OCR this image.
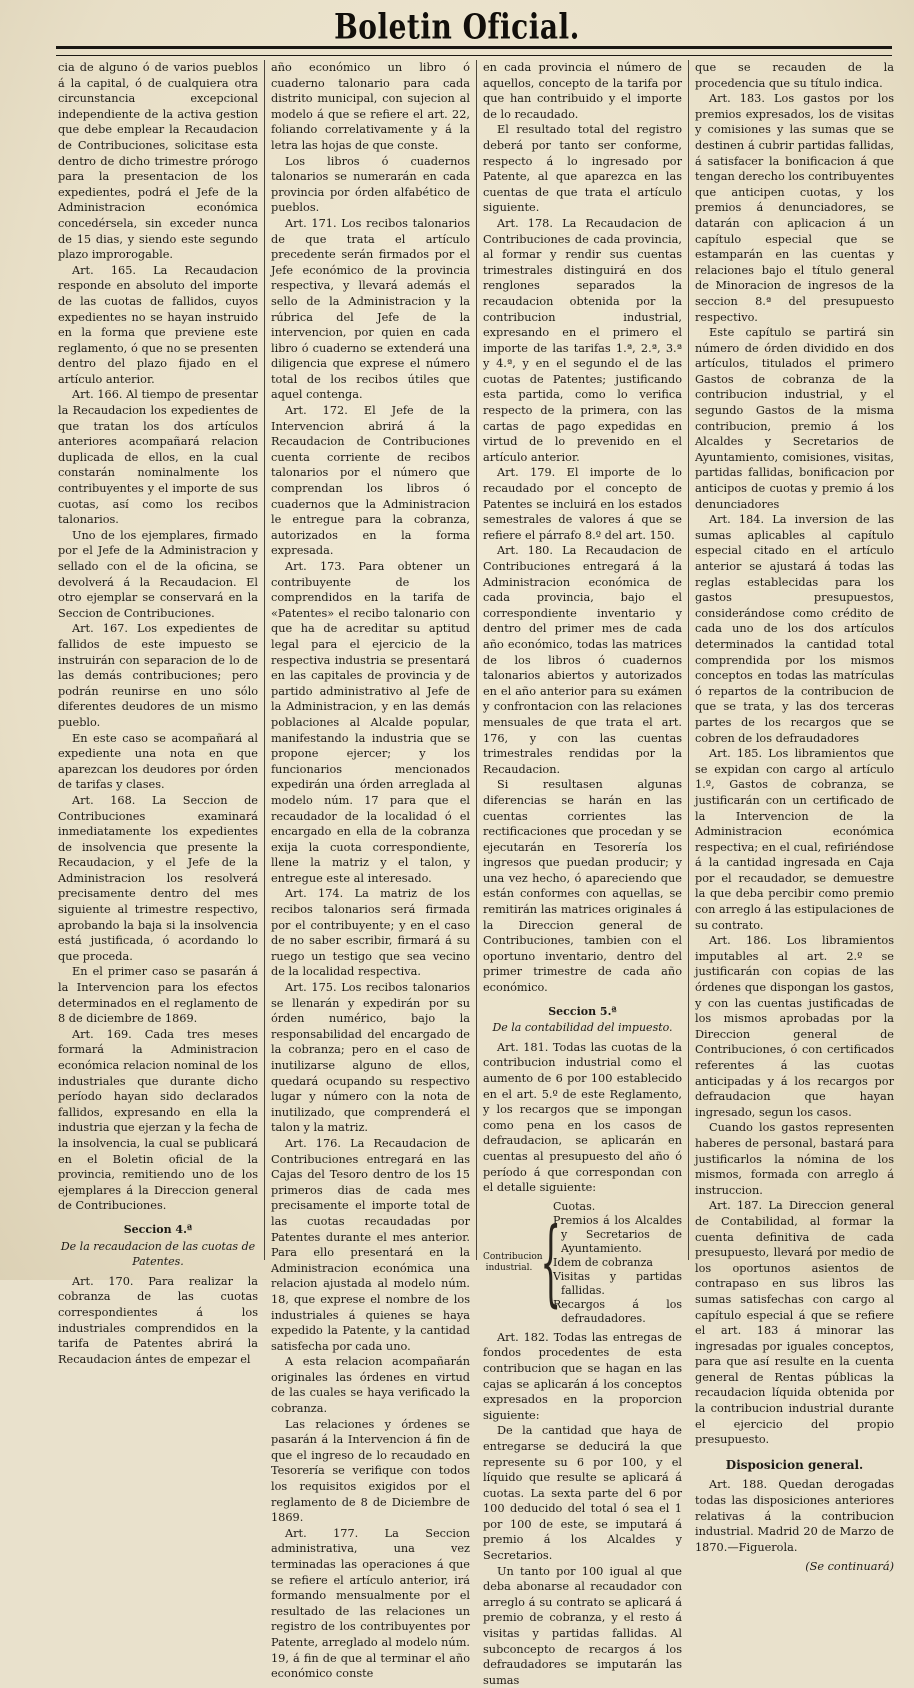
Boletin Oficial.

cia de alguno ó de varios pueblos á la capital, ó de cualquiera otra circunstancia excepcional independiente de la activa gestion que debe emplear la Recaudacion de Contribuciones, solicitase esta dentro de dicho trimestre prórogo para la presentacion de los expedientes, podrá el Jefe de la Administracion económica concedérsela, sin exceder nunca de 15 dias, y siendo este segundo plazo improrogable.

Art. 165. La Recaudacion responde en absoluto del importe de las cuotas de fallidos, cuyos expedientes no se hayan instruido en la forma que previene este reglamento, ó que no se presenten dentro del plazo fijado en el artículo anterior.

Art. 166. Al tiempo de presentar la Recaudacion los expedientes de que tratan los dos artículos anteriores acompañará relacion duplicada de ellos, en la cual constarán nominalmente los contribuyentes y el importe de sus cuotas, así como los recibos talonarios.

Uno de los ejemplares, firmado por el Jefe de la Administracion y sellado con el de la oficina, se devolverá á la Recaudacion. El otro ejemplar se conservará en la Seccion de Contribuciones.

Art. 167. Los expedientes de fallidos de este impuesto se instruirán con separacion de lo de las demás contribuciones; pero podrán reunirse en uno sólo diferentes deudores de un mismo pueblo.

En este caso se acompañará al expediente una nota en que aparezcan los deudores por órden de tarifas y clases.

Art. 168. La Seccion de Contribuciones examinará inmediatamente los expedientes de insolvencia que presente la Recaudacion, y el Jefe de la Administracion los resolverá precisamente dentro del mes siguiente al trimestre respectivo, aprobando la baja si la insolvencia está justificada, ó acordando lo que proceda.

En el primer caso se pasarán á la Intervencion para los efectos determinados en el reglamento de 8 de diciembre de 1869.

Art. 169. Cada tres meses formará la Administracion económica relacion nominal de los industriales que durante dicho período hayan sido declarados fallidos, expresando en ella la industria que ejerzan y la fecha de la insolvencia, la cual se publicará en el Boletin oficial de la provincia, remitiendo uno de los ejemplares á la Direccion general de Contribuciones.

Seccion 4.ª

De la recaudacion de las cuotas de Patentes.

Art. 170. Para realizar la cobranza de las cuotas correspondientes á los industriales comprendidos en la tarifa de Patentes abrirá la Recaudacion ántes de empezar el

año económico un libro ó cuaderno talonario para cada distrito municipal, con sujecion al modelo á que se refiere el art. 22, foliando correlativamente y á la letra las hojas de que conste.

Los libros ó cuadernos talonarios se numerarán en cada provincia por órden alfabético de pueblos.

Art. 171. Los recibos talonarios de que trata el artículo precedente serán firmados por el Jefe económico de la provincia respectiva, y llevará además el sello de la Administracion y la rúbrica del Jefe de la intervencion, por quien en cada libro ó cuaderno se extenderá una diligencia que exprese el número total de los recibos útiles que aquel contenga.

Art. 172. El Jefe de la Intervencion abrirá á la Recaudacion de Contribuciones cuenta corriente de recibos talonarios por el número que comprendan los libros ó cuadernos que la Administracion le entregue para la cobranza, autorizados en la forma expresada.

Art. 173. Para obtener un contribuyente de los comprendidos en la tarifa de «Patentes» el recibo talonario con que ha de acreditar su aptitud legal para el ejercicio de la respectiva industria se presentará en las capitales de provincia y de partido administrativo al Jefe de la Administracion, y en las demás poblaciones al Alcalde popular, manifestando la industria que se propone ejercer; y los funcionarios mencionados expedirán una órden arreglada al modelo núm. 17 para que el recaudador de la localidad ó el encargado en ella de la cobranza exija la cuota correspondiente, llene la matriz y el talon, y entregue este al interesado.

Art. 174. La matriz de los recibos talonarios será firmada por el contribuyente; y en el caso de no saber escribir, firmará á su ruego un testigo que sea vecino de la localidad respectiva.

Art. 175. Los recibos talonarios se llenarán y expedirán por su órden numérico, bajo la responsabilidad del encargado de la cobranza; pero en el caso de inutilizarse alguno de ellos, quedará ocupando su respectivo lugar y número con la nota de inutilizado, que comprenderá el talon y la matriz.

Art. 176. La Recaudacion de Contribuciones entregará en las Cajas del Tesoro dentro de los 15 primeros dias de cada mes precisamente el importe total de las cuotas recaudadas por Patentes durante el mes anterior. Para ello presentará en la Administracion económica una relacion ajustada al modelo núm. 18, que exprese el nombre de los industriales á quienes se haya expedido la Patente, y la cantidad satisfecha por cada uno.

A esta relacion acompañarán originales las órdenes en virtud de las cuales se haya verificado la cobranza.

Las relaciones y órdenes se pasarán á la Intervencion á fin de que el ingreso de lo recaudado en Tesorería se verifique con todos los requisitos exigidos por el reglamento de 8 de Diciembre de 1869.

Art. 177. La Seccion administrativa, una vez terminadas las operaciones á que se refiere el artículo anterior, irá formando mensualmente por el resultado de las relaciones un registro de los contribuyentes por Patente, arreglado al modelo núm. 19, á fin de que al terminar el año económico conste

en cada provincia el número de aquellos, concepto de la tarifa por que han contribuido y el importe de lo recaudado.

El resultado total del registro deberá por tanto ser conforme, respecto á lo ingresado por Patente, al que aparezca en las cuentas de que trata el artículo siguiente.

Art. 178. La Recaudacion de Contribuciones de cada provincia, al formar y rendir sus cuentas trimestrales distinguirá en dos renglones separados la recaudacion obtenida por la contribucion industrial, expresando en el primero el importe de las tarifas 1.ª, 2.ª, 3.ª y 4.ª, y en el segundo el de las cuotas de Patentes; justificando esta partida, como lo verifica respecto de la primera, con las cartas de pago expedidas en virtud de lo prevenido en el artículo anterior.

Art. 179. El importe de lo recaudado por el concepto de Patentes se incluirá en los estados semestrales de valores á que se refiere el párrafo 8.º del art. 150.

Art. 180. La Recaudacion de Contribuciones entregará á la Administracion económica de cada provincia, bajo el correspondiente inventario y dentro del primer mes de cada año económico, todas las matrices de los libros ó cuadernos talonarios abiertos y autorizados en el año anterior para su exámen y confrontacion con las relaciones mensuales de que trata el art. 176, y con las cuentas trimestrales rendidas por la Recaudacion.

Si resultasen algunas diferencias se harán en las cuentas corrientes las rectificaciones que procedan y se ejecutarán en Tesorería los ingresos que puedan producir; y una vez hecho, ó apareciendo que están conformes con aquellas, se remitirán las matrices originales á la Direccion general de Contribuciones, tambien con el oportuno inventario, dentro del primer trimestre de cada año económico.

Seccion 5.ª

De la contabilidad del impuesto.

Art. 181. Todas las cuotas de la contribucion industrial como el aumento de 6 por 100 establecido en el art. 5.º de este Reglamento, y los recargos que se impongan como pena en los casos de defraudacion, se aplicarán en cuentas al presupuesto del año ó período á que correspondan con el detalle siguiente:

Contribucion industrial. {
Cuotas.
Premios á los Alcaldes y Secretarios de Ayuntamiento.
Idem de cobranza
Visitas y partidas fallidas.
Recargos á los defraudadores.

Art. 182. Todas las entregas de fondos procedentes de esta contribucion que se hagan en las cajas se aplicarán á los conceptos expresados en la proporcion siguiente:

De la cantidad que haya de entregarse se deducirá la que represente su 6 por 100, y el líquido que resulte se aplicará á cuotas. La sexta parte del 6 por 100 deducido del total ó sea el 1 por 100 de este, se imputará á premio á los Alcaldes y Secretarios.

Un tanto por 100 igual al que deba abonarse al recaudador con arreglo á su contrato se aplicará á premio de cobranza, y el resto á visitas y partidas fallidas. Al subconcepto de recargos á los defraudadores se imputarán las sumas

que se recauden de la procedencia que su título indica.

Art. 183. Los gastos por los premios expresados, los de visitas y comisiones y las sumas que se destinen á cubrir partidas fallidas, á satisfacer la bonificacion á que tengan derecho los contribuyentes que anticipen cuotas, y los premios á denunciadores, se datarán con aplicacion á un capítulo especial que se estamparán en las cuentas y relaciones bajo el título general de Minoracion de ingresos de la seccion 8.ª del presupuesto respectivo.

Este capítulo se partirá sin número de órden dividido en dos artículos, titulados el primero Gastos de cobranza de la contribucion industrial, y el segundo Gastos de la misma contribucion, premio á los Alcaldes y Secretarios de Ayuntamiento, comisiones, visitas, partidas fallidas, bonificacion por anticipos de cuotas y premio á los denunciadores

Art. 184. La inversion de las sumas aplicables al capítulo especial citado en el artículo anterior se ajustará á todas las reglas establecidas para los gastos presupuestos, considerándose como crédito de cada uno de los dos artículos determinados la cantidad total comprendida por los mismos conceptos en todas las matrículas ó repartos de la contribucion de que se trata, y las dos terceras partes de los recargos que se cobren de los defraudadores

Art. 185. Los libramientos que se expidan con cargo al artículo 1.º, Gastos de cobranza, se justificarán con un certificado de la Intervencion de la Administracion económica respectiva; en el cual, refiriéndose á la cantidad ingresada en Caja por el recaudador, se demuestre la que deba percibir como premio con arreglo á las estipulaciones de su contrato.

Art. 186. Los libramientos imputables al art. 2.º se justificarán con copias de las órdenes que dispongan los gastos, y con las cuentas justificadas de los mismos aprobadas por la Direccion general de Contribuciones, ó con certificados referentes á las cuotas anticipadas y á los recargos por defraudacion que hayan ingresado, segun los casos.

Cuando los gastos representen haberes de personal, bastará para justificarlos la nómina de los mismos, formada con arreglo á instruccion.

Art. 187. La Direccion general de Contabilidad, al formar la cuenta definitiva de cada presupuesto, llevará por medio de los oportunos asientos de contrapaso en sus libros las sumas satisfechas con cargo al capítulo especial á que se refiere el art. 183 á minorar las ingresadas por iguales conceptos, para que así resulte en la cuenta general de Rentas públicas la recaudacion líquida obtenida por la contribucion industrial durante el ejercicio del propio presupuesto.

Disposicion general.

Art. 188. Quedan derogadas todas las disposiciones anteriores relativas á la contribucion industrial. Madrid 20 de Marzo de 1870.—Figuerola.

(Se continuará)
